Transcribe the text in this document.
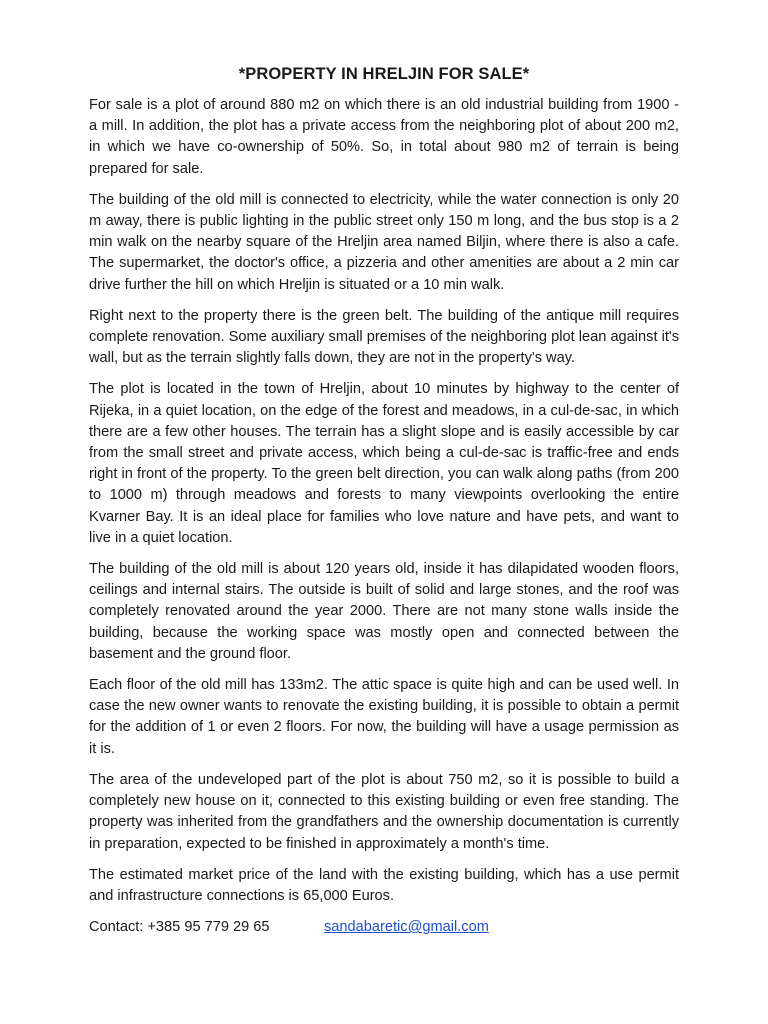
*PROPERTY IN HRELJIN FOR SALE*

For sale is a plot of around 880 m2 on which there is an old industrial building from 1900 - a mill. In addition, the plot has a private access from the neighboring plot of about 200 m2, in which we have co-ownership of 50%. So, in total about 980 m2 of terrain is being prepared for sale.

The building of the old mill is connected to electricity, while the water connection is only 20 m away, there is public lighting in the public street only 150 m long, and the bus stop is a 2 min walk on the nearby square of the Hreljin area named Biljin, where there is also a cafe. The supermarket, the doctor's office, a pizzeria and other amenities are about a 2 min car drive further the hill on which Hreljin is situated or a 10 min walk.

Right next to the property there is the green belt. The building of the antique mill requires complete renovation. Some auxiliary small premises of the neighboring plot lean against it's wall, but as the terrain slightly falls down, they are not in the property's way.

The plot is located in the town of Hreljin, about 10 minutes by highway to the center of Rijeka, in a quiet location, on the edge of the forest and meadows, in a cul-de-sac, in which there are a few other houses. The terrain has a slight slope and is easily accessible by car from the small street and private access, which being a cul-de-sac is traffic-free and ends right in front of the property. To the green belt direction, you can walk along paths (from 200 to 1000 m) through meadows and forests to many viewpoints overlooking the entire Kvarner Bay. It is an ideal place for families who love nature and have pets, and want to live in a quiet location.

The building of the old mill is about 120 years old, inside it has dilapidated wooden floors, ceilings and internal stairs. The outside is built of solid and large stones, and the roof was completely renovated around the year 2000. There are not many stone walls inside the building, because the working space was mostly open and connected between the basement and the ground floor.

Each floor of the old mill has 133m2. The attic space is quite high and can be used well. In case the new owner wants to renovate the existing building, it is possible to obtain a permit for the addition of 1 or even 2 floors. For now, the building will have a usage permission as it is.

The area of the undeveloped part of the plot is about 750 m2, so it is possible to build a completely new house on it, connected to this existing building or even free standing. The property was inherited from the grandfathers and the ownership documentation is currently in preparation, expected to be finished in approximately a month's time.

The estimated market price of the land with the existing building, which has a use permit and infrastructure connections is 65,000 Euros.

Contact: +385 95 779 29 65	sandabaretic@gmail.com
